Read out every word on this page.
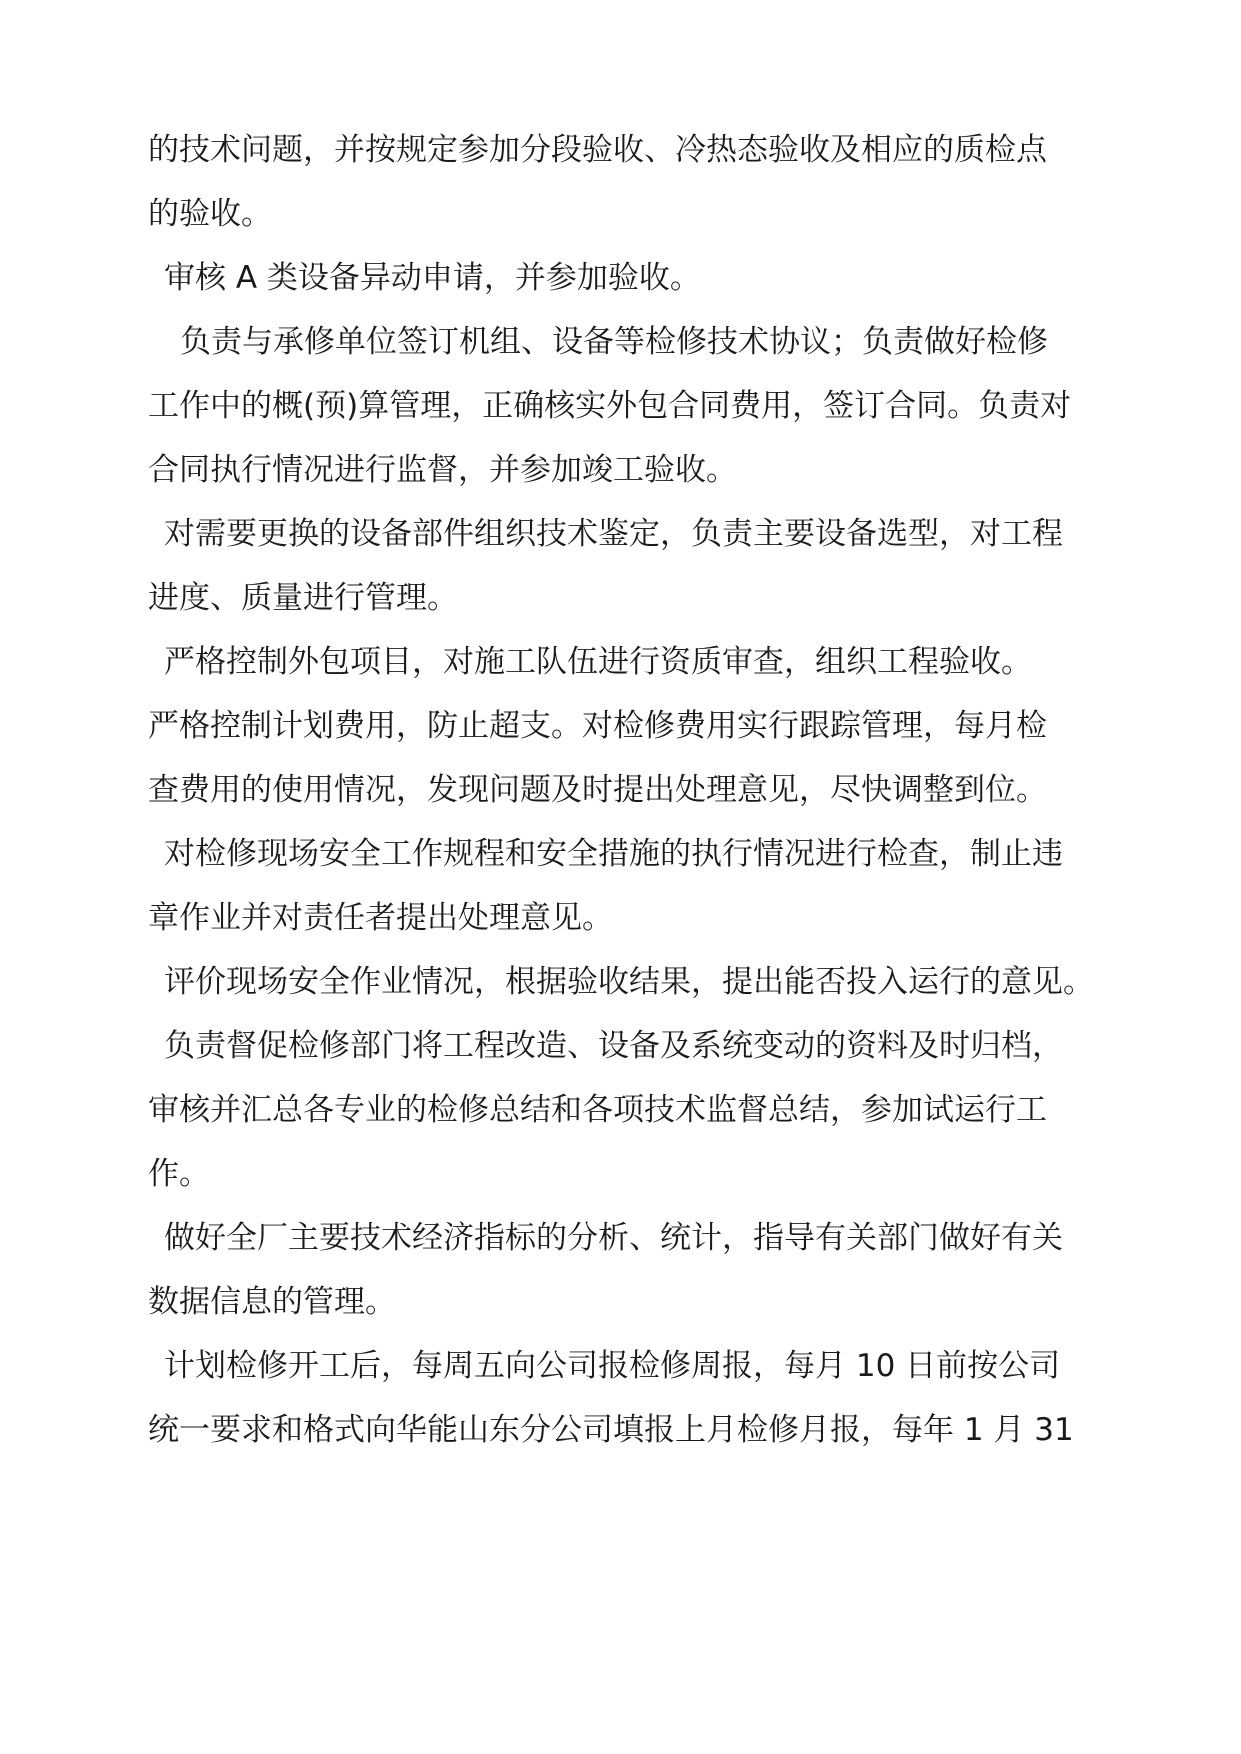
的技术问题，并按规定参加分段验收、冷热态验收及相应的质检点
的验收。
审核 A 类设备异动申请，并参加验收。
负责与承修单位签订机组、设备等检修技术协议；负责做好检修
工作中的概(预)算管理，正确核实外包合同费用，签订合同。负责对
合同执行情况进行监督，并参加竣工验收。
对需要更换的设备部件组织技术鉴定，负责主要设备选型，对工程
进度、质量进行管理。
严格控制外包项目，对施工队伍进行资质审查，组织工程验收。
严格控制计划费用，防止超支。对检修费用实行跟踪管理，每月检
查费用的使用情况，发现问题及时提出处理意见，尽快调整到位。
对检修现场安全工作规程和安全措施的执行情况进行检查，制止违
章作业并对责任者提出处理意见。
评价现场安全作业情况，根据验收结果，提出能否投入运行的意见。
负责督促检修部门将工程改造、设备及系统变动的资料及时归档，
审核并汇总各专业的检修总结和各项技术监督总结，参加试运行工
作。
做好全厂主要技术经济指标的分析、统计，指导有关部门做好有关
数据信息的管理。
计划检修开工后，每周五向公司报检修周报，每月 10 日前按公司
统一要求和格式向华能山东分公司填报上月检修月报，每年 1 月 31
